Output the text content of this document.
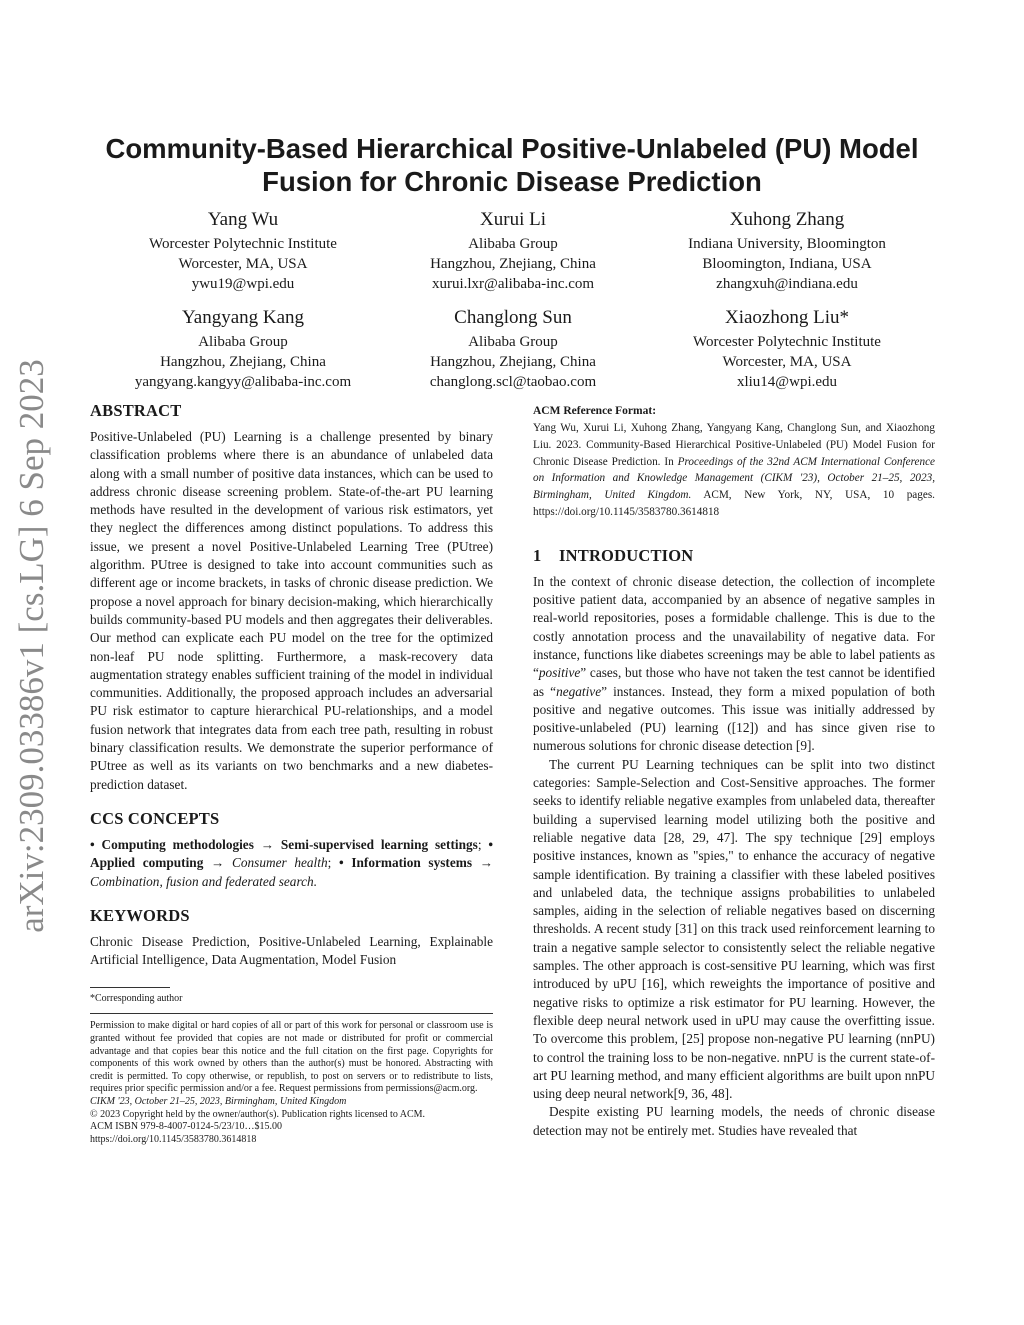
arXiv:2309.03386v1 [cs.LG] 6 Sep 2023
Community-Based Hierarchical Positive-Unlabeled (PU) Model
Fusion for Chronic Disease Prediction
Yang Wu
Worcester Polytechnic Institute
Worcester, MA, USA
ywu19@wpi.edu
Xurui Li
Alibaba Group
Hangzhou, Zhejiang, China
xurui.lxr@alibaba-inc.com
Xuhong Zhang
Indiana University, Bloomington
Bloomington, Indiana, USA
zhangxuh@indiana.edu
Yangyang Kang
Alibaba Group
Hangzhou, Zhejiang, China
yangyang.kangyy@alibaba-inc.com
Changlong Sun
Alibaba Group
Hangzhou, Zhejiang, China
changlong.scl@taobao.com
Xiaozhong Liu*
Worcester Polytechnic Institute
Worcester, MA, USA
xliu14@wpi.edu
ABSTRACT

Positive-Unlabeled (PU) Learning is a challenge presented by binary classification problems where there is an abundance of unlabeled data along with a small number of positive data instances, which can be used to address chronic disease screening problem. State-of-the-art PU learning methods have resulted in the development of various risk estimators, yet they neglect the differences among distinct populations. To address this issue, we present a novel Positive-Unlabeled Learning Tree (PUtree) algorithm. PUtree is designed to take into account communities such as different age or income brackets, in tasks of chronic disease prediction. We propose a novel approach for binary decision-making, which hierarchically builds community-based PU models and then aggregates their deliverables. Our method can explicate each PU model on the tree for the optimized non-leaf PU node splitting. Furthermore, a mask-recovery data augmentation strategy enables sufficient training of the model in individual communities. Additionally, the proposed approach includes an adversarial PU risk estimator to capture hierarchical PU-relationships, and a model fusion network that integrates data from each tree path, resulting in robust binary classification results. We demonstrate the superior performance of PUtree as well as its variants on two benchmarks and a new diabetes-prediction dataset.

CCS CONCEPTS

• Computing methodologies → Semi-supervised learning settings; • Applied computing → Consumer health; • Information systems → Combination, fusion and federated search.

KEYWORDS

Chronic Disease Prediction, Positive-Unlabeled Learning, Explainable Artificial Intelligence, Data Augmentation, Model Fusion

*Corresponding author

Permission to make digital or hard copies of all or part of this work for personal or classroom use is granted without fee provided that copies are not made or distributed for profit or commercial advantage and that copies bear this notice and the full citation on the first page. Copyrights for components of this work owned by others than the author(s) must be honored. Abstracting with credit is permitted. To copy otherwise, or republish, to post on servers or to redistribute to lists, requires prior specific permission and/or a fee. Request permissions from permissions@acm.org.

CIKM '23, October 21–25, 2023, Birmingham, United Kingdom

© 2023 Copyright held by the owner/author(s). Publication rights licensed to ACM.

ACM ISBN 979-8-4007-0124-5/23/10…$15.00

https://doi.org/10.1145/3583780.3614818

ACM Reference Format:

Yang Wu, Xurui Li, Xuhong Zhang, Yangyang Kang, Changlong Sun, and Xiaozhong Liu. 2023. Community-Based Hierarchical Positive-Unlabeled (PU) Model Fusion for Chronic Disease Prediction. In Proceedings of the 32nd ACM International Conference on Information and Knowledge Management (CIKM '23), October 21–25, 2023, Birmingham, United Kingdom. ACM, New York, NY, USA, 10 pages. https://doi.org/10.1145/3583780.3614818

1 INTRODUCTION

In the context of chronic disease detection, the collection of incomplete positive patient data, accompanied by an absence of negative samples in real-world repositories, poses a formidable challenge. This is due to the costly annotation process and the unavailability of negative data. For instance, functions like diabetes screenings may be able to label patients as “positive” cases, but those who have not taken the test cannot be identified as “negative” instances. Instead, they form a mixed population of both positive and negative outcomes. This issue was initially addressed by positive-unlabeled (PU) learning ([12]) and has since given rise to numerous solutions for chronic disease detection [9].

The current PU Learning techniques can be split into two distinct categories: Sample-Selection and Cost-Sensitive approaches. The former seeks to identify reliable negative examples from unlabeled data, thereafter building a supervised learning model utilizing both the positive and reliable negative data [28, 29, 47]. The spy technique [29] employs positive instances, known as "spies," to enhance the accuracy of negative sample identification. By training a classifier with these labeled positives and unlabeled data, the technique assigns probabilities to unlabeled samples, aiding in the selection of reliable negatives based on discerning thresholds. A recent study [31] on this track used reinforcement learning to train a negative sample selector to consistently select the reliable negative samples. The other approach is cost-sensitive PU learning, which was first introduced by uPU [16], which reweights the importance of positive and negative risks to optimize a risk estimator for PU learning. However, the flexible deep neural network used in uPU may cause the overfitting issue. To overcome this problem, [25] propose non-negative PU learning (nnPU) to control the training loss to be non-negative. nnPU is the current state-of-art PU learning method, and many efficient algorithms are built upon nnPU using deep neural network[9, 36, 48].

Despite existing PU learning models, the needs of chronic disease detection may not be entirely met. Studies have revealed that
